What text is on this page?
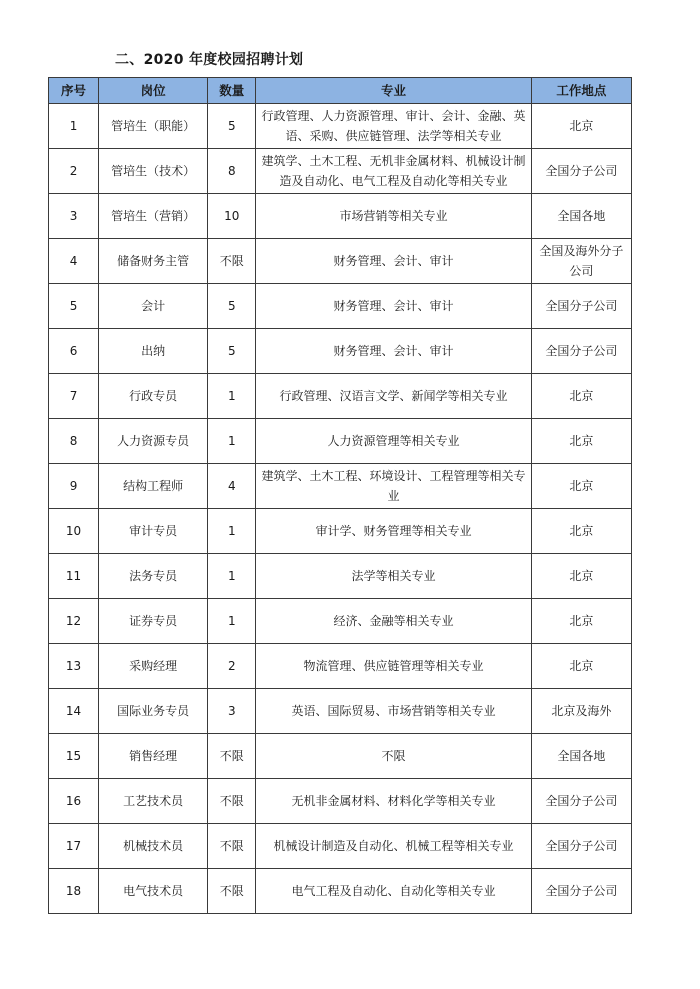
二、2020 年度校园招聘计划
序号	岗位	数量	专业	工作地点
1	管培生（职能）	5	行政管理、人力资源管理、审计、会计、金融、英语、采购、供应链管理、法学等相关专业	北京
2	管培生（技术）	8	建筑学、土木工程、无机非金属材料、机械设计制造及自动化、电气工程及自动化等相关专业	全国分子公司
3	管培生（营销）	10	市场营销等相关专业	全国各地
4	储备财务主管	不限	财务管理、会计、审计	全国及海外分子公司
5	会计	5	财务管理、会计、审计	全国分子公司
6	出纳	5	财务管理、会计、审计	全国分子公司
7	行政专员	1	行政管理、汉语言文学、新闻学等相关专业	北京
8	人力资源专员	1	人力资源管理等相关专业	北京
9	结构工程师	4	建筑学、土木工程、环境设计、工程管理等相关专业	北京
10	审计专员	1	审计学、财务管理等相关专业	北京
11	法务专员	1	法学等相关专业	北京
12	证券专员	1	经济、金融等相关专业	北京
13	采购经理	2	物流管理、供应链管理等相关专业	北京
14	国际业务专员	3	英语、国际贸易、市场营销等相关专业	北京及海外
15	销售经理	不限	不限	全国各地
16	工艺技术员	不限	无机非金属材料、材料化学等相关专业	全国分子公司
17	机械技术员	不限	机械设计制造及自动化、机械工程等相关专业	全国分子公司
18	电气技术员	不限	电气工程及自动化、自动化等相关专业	全国分子公司
